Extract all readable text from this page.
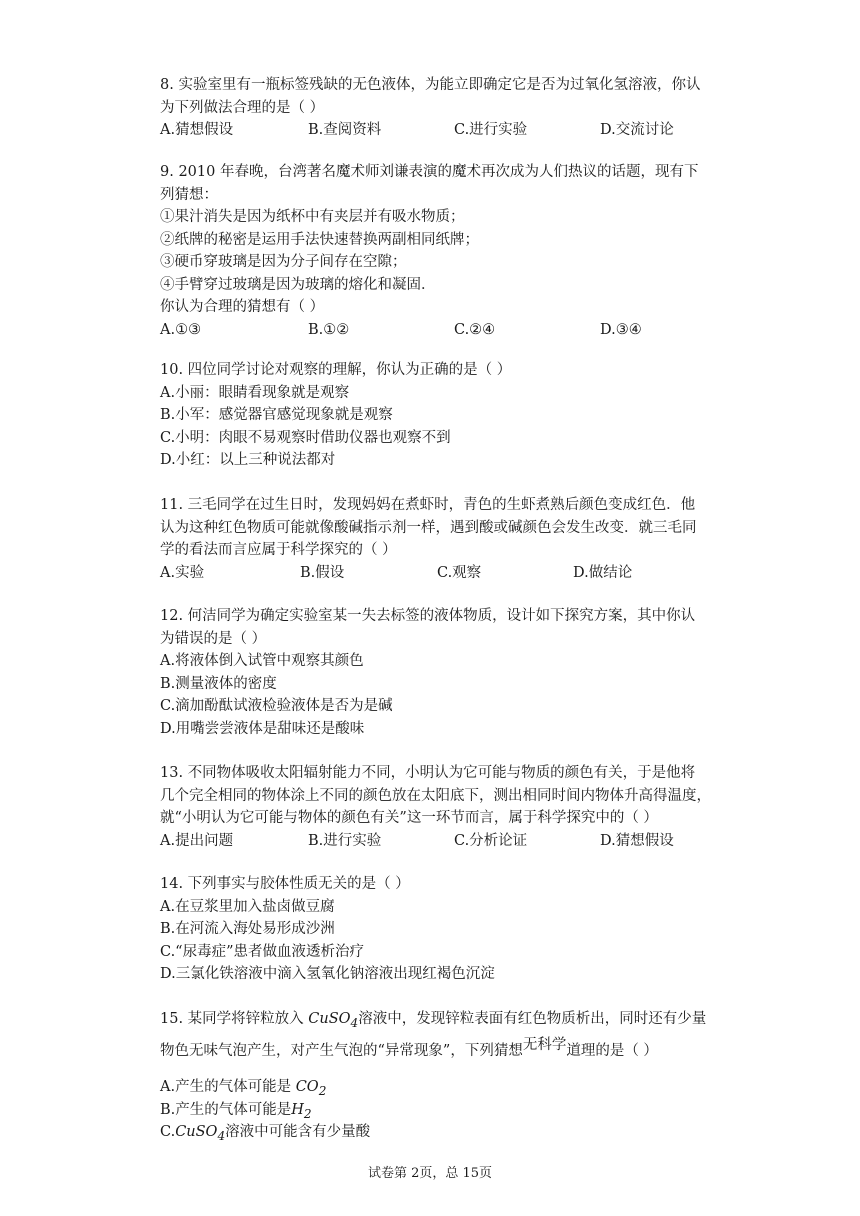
8. 实验室里有一瓶标签残缺的无色液体，为能立即确定它是否为过氧化氢溶液，你认
为下列做法合理的是（ ）
A.猜想假设	B.查阅资料	C.进行实验	D.交流讨论
9. 2010 年春晚，台湾著名魔术师刘谦表演的魔术再次成为人们热议的话题，现有下
列猜想：
①果汁消失是因为纸杯中有夹层并有吸水物质；
②纸牌的秘密是运用手法快速替换两副相同纸牌；
③硬币穿玻璃是因为分子间存在空隙；
④手臂穿过玻璃是因为玻璃的熔化和凝固．
你认为合理的猜想有（ ）
A.①③	B.①②	C.②④	D.③④
10. 四位同学讨论对观察的理解，你认为正确的是（ ）
A.小丽：眼睛看现象就是观察
B.小军：感觉器官感觉现象就是观察
C.小明：肉眼不易观察时借助仪器也观察不到
D.小红：以上三种说法都对
11. 三毛同学在过生日时，发现妈妈在煮虾时，青色的生虾煮熟后颜色变成红色．他
认为这种红色物质可能就像酸碱指示剂一样，遇到酸或碱颜色会发生改变．就三毛同
学的看法而言应属于科学探究的（ ）
A.实验	B.假设	C.观察	D.做结论
12. 何洁同学为确定实验室某一失去标签的液体物质，设计如下探究方案，其中你认
为错误的是（ ）
A.将液体倒入试管中观察其颜色
B.测量液体的密度
C.滴加酚酞试液检验液体是否为是碱
D.用嘴尝尝液体是甜味还是酸味
13. 不同物体吸收太阳辐射能力不同，小明认为它可能与物质的颜色有关，于是他将
几个完全相同的物体涂上不同的颜色放在太阳底下，测出相同时间内物体升高得温度，
就“小明认为它可能与物体的颜色有关”这一环节而言，属于科学探究中的（ ）
A.提出问题	B.进行实验	C.分析论证	D.猜想假设
14. 下列事实与胶体性质无关的是（ ）
A.在豆浆里加入盐卤做豆腐
B.在河流入海处易形成沙洲
C.“尿毒症”患者做血液透析治疗
D.三氯化铁溶液中滴入氢氧化钠溶液出现红褐色沉淀
15. 某同学将锌粒放入 CuSO$_4$溶液中，发现锌粒表面有红色物质析出，同时还有少量
物色无味气泡产生，对产生气泡的“异常现象”，下列猜想无科学道理的是（ ）
A.产生的气体可能是 $CO_2$
B.产生的气体可能是$H_2$
C.CuSO$_4$溶液中可能含有少量酸
试卷第 2页，总 15页
